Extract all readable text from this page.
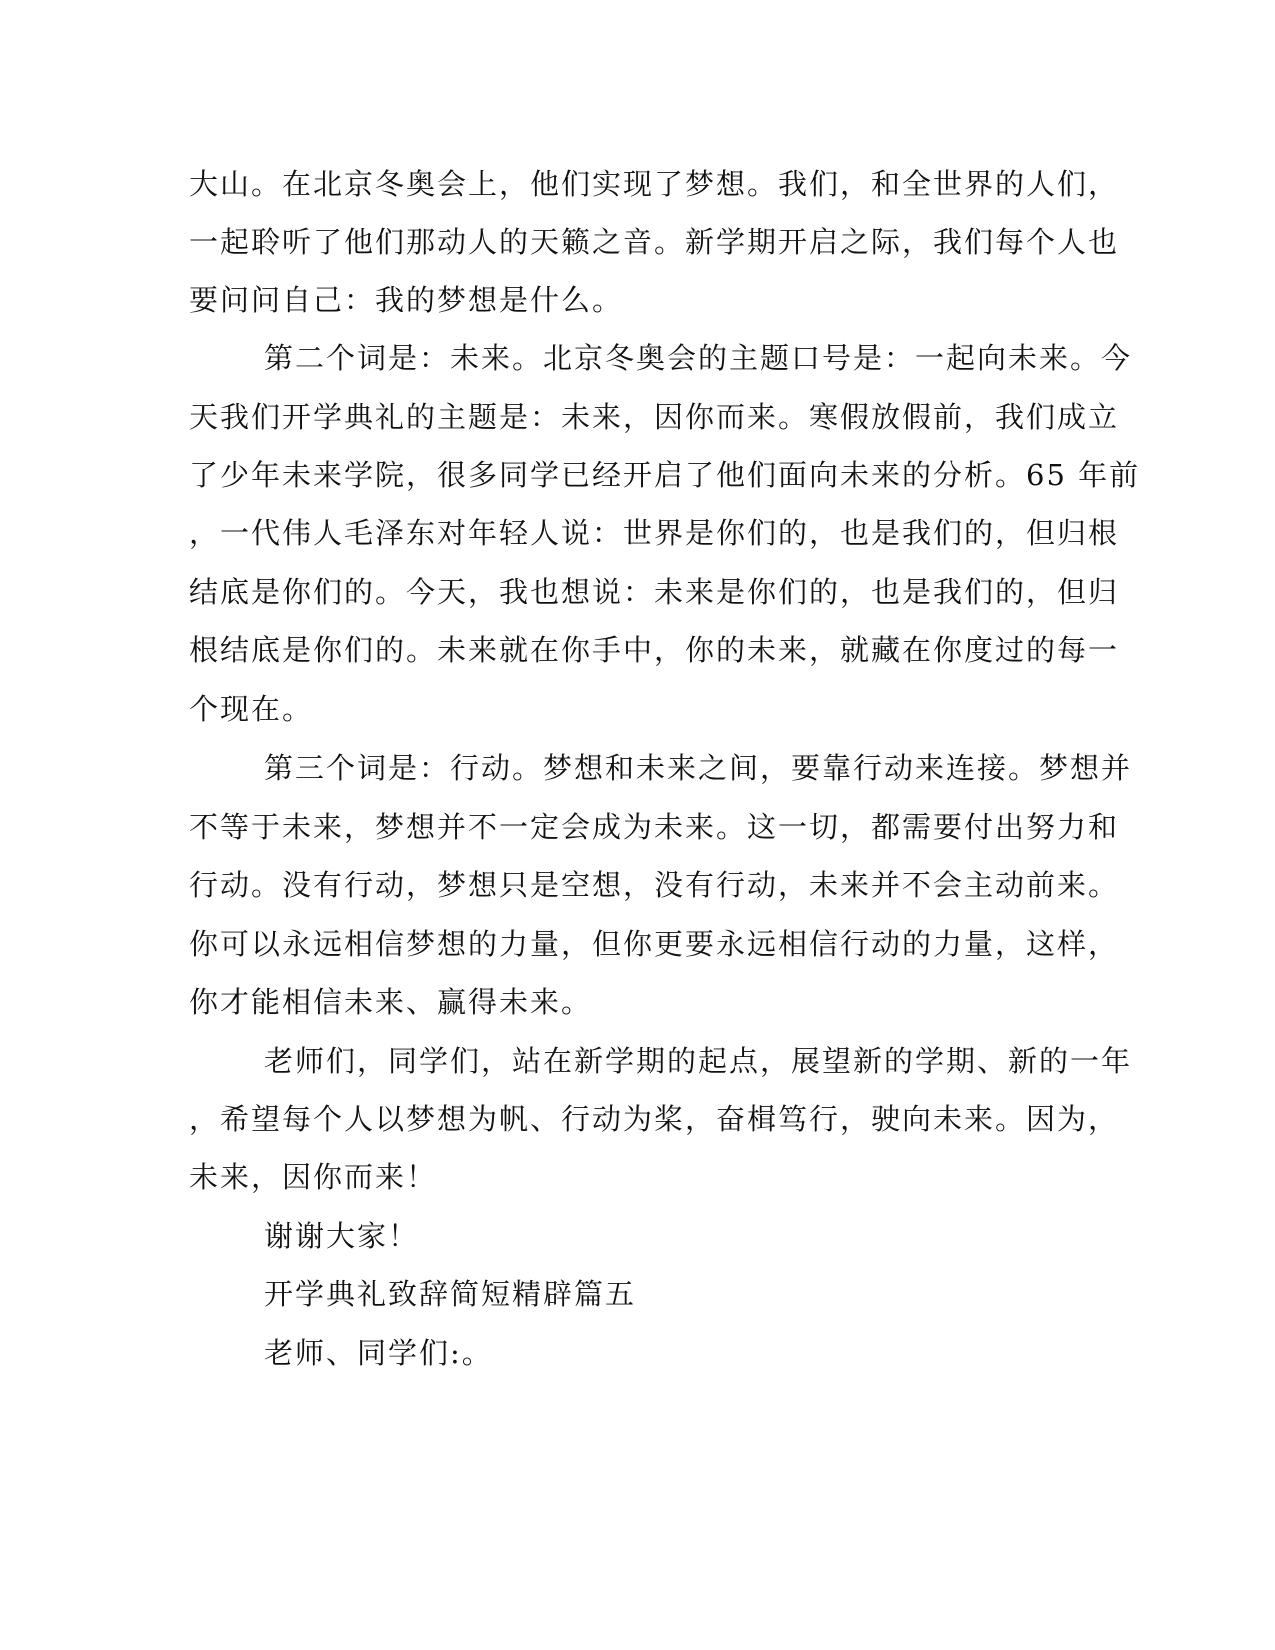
大山。在北京冬奥会上，他们实现了梦想。我们，和全世界的人们，
一起聆听了他们那动人的天籁之音。新学期开启之际，我们每个人也
要问问自己：我的梦想是什么。
第二个词是：未来。北京冬奥会的主题口号是：一起向未来。今
天我们开学典礼的主题是：未来，因你而来。寒假放假前，我们成立
了少年未来学院，很多同学已经开启了他们面向未来的分析。65 年前
，一代伟人毛泽东对年轻人说：世界是你们的，也是我们的，但归根
结底是你们的。今天，我也想说：未来是你们的，也是我们的，但归
根结底是你们的。未来就在你手中，你的未来，就藏在你度过的每一
个现在。
第三个词是：行动。梦想和未来之间，要靠行动来连接。梦想并
不等于未来，梦想并不一定会成为未来。这一切，都需要付出努力和
行动。没有行动，梦想只是空想，没有行动，未来并不会主动前来。
你可以永远相信梦想的力量，但你更要永远相信行动的力量，这样，
你才能相信未来、赢得未来。
老师们，同学们，站在新学期的起点，展望新的学期、新的一年
，希望每个人以梦想为帆、行动为桨，奋楫笃行，驶向未来。因为，
未来，因你而来！
谢谢大家！
开学典礼致辞简短精辟篇五
老师、同学们:。
